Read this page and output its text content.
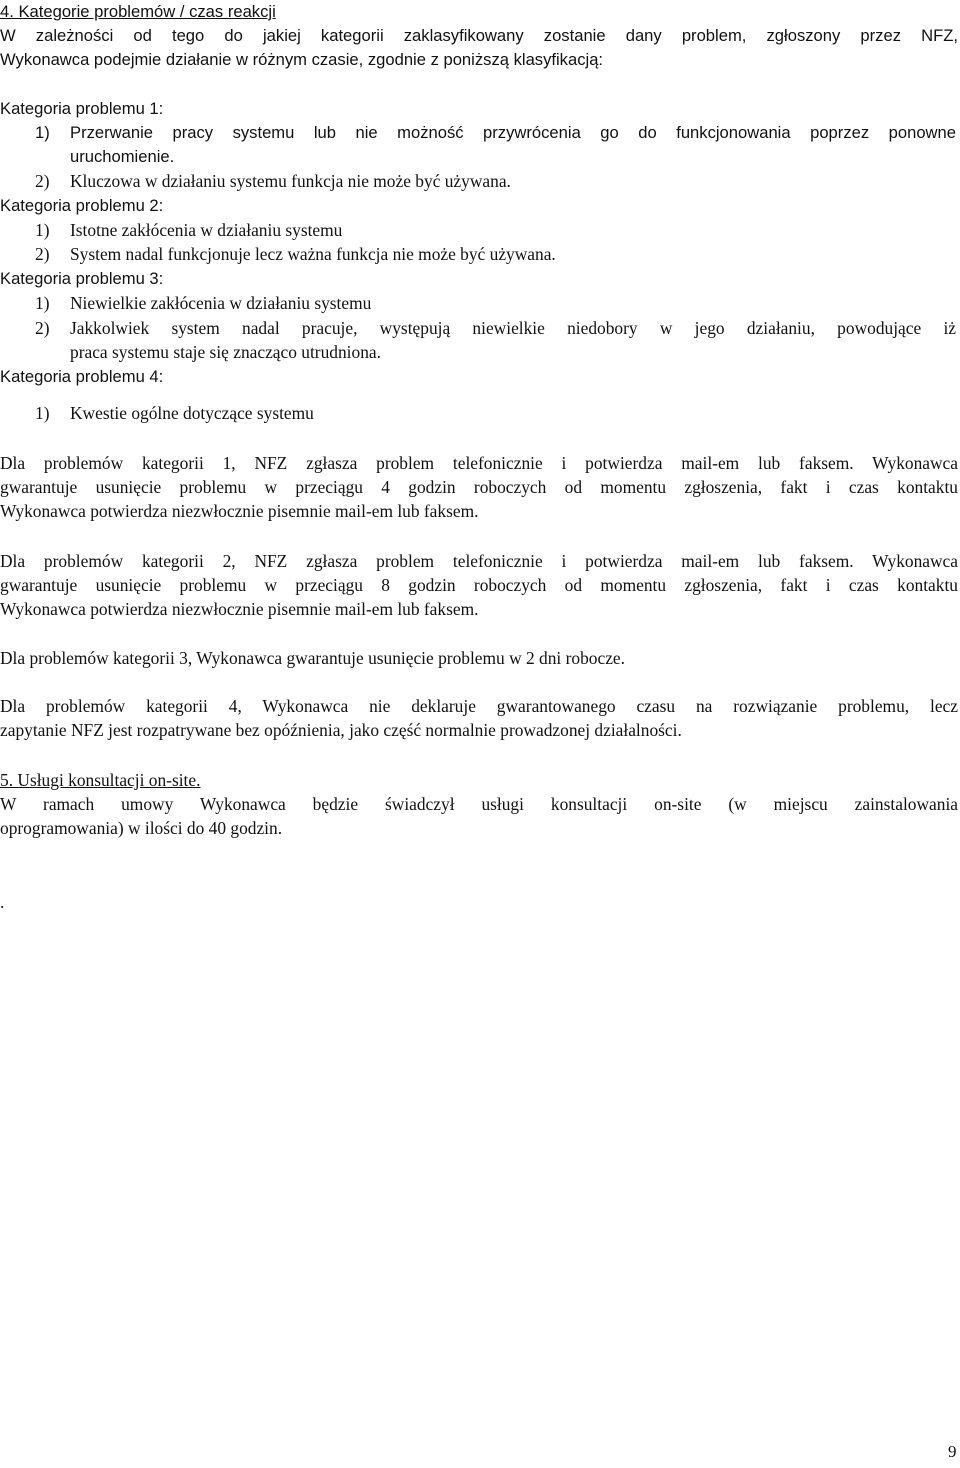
4. Kategorie problemów / czas reakcji
W zależności od tego do jakiej kategorii zaklasyfikowany zostanie dany problem, zgłoszony przez NFZ,
Wykonawca podejmie działanie w różnym czasie, zgodnie z poniższą klasyfikacją:
Kategoria problemu 1:
1) Przerwanie pracy systemu lub nie możność przywrócenia go do funkcjonowania poprzez ponowne
uruchomienie.
2) Kluczowa w działaniu systemu funkcja nie może być używana.
Kategoria problemu 2:
1) Istotne zakłócenia w działaniu systemu
2) System nadal funkcjonuje lecz ważna funkcja nie może być używana.
Kategoria problemu 3:
1) Niewielkie zakłócenia w działaniu systemu
2) Jakkolwiek system nadal pracuje, występują niewielkie niedobory w jego działaniu, powodujące iż
praca systemu staje się znacząco utrudniona.
Kategoria problemu 4:
1) Kwestie ogólne dotyczące systemu
Dla problemów kategorii 1, NFZ zgłasza problem telefonicznie i potwierdza mail-em lub faksem. Wykonawca
gwarantuje usunięcie problemu w przeciągu 4 godzin roboczych od momentu zgłoszenia, fakt i czas kontaktu
Wykonawca potwierdza niezwłocznie pisemnie mail-em lub faksem.
Dla problemów kategorii 2, NFZ zgłasza problem telefonicznie i potwierdza mail-em lub faksem. Wykonawca
gwarantuje usunięcie problemu w przeciągu 8 godzin roboczych od momentu zgłoszenia, fakt i czas kontaktu
Wykonawca potwierdza niezwłocznie pisemnie mail-em lub faksem.
Dla problemów kategorii 3, Wykonawca gwarantuje usunięcie problemu w 2 dni robocze.
Dla problemów kategorii 4, Wykonawca nie deklaruje gwarantowanego czasu na rozwiązanie problemu, lecz
zapytanie NFZ jest rozpatrywane bez opóźnienia, jako część normalnie prowadzonej działalności.
5. Usługi konsultacji on-site.
W ramach umowy Wykonawca będzie świadczył usługi konsultacji on-site (w miejscu zainstalowania
oprogramowania) w ilości do 40 godzin.
.
9
